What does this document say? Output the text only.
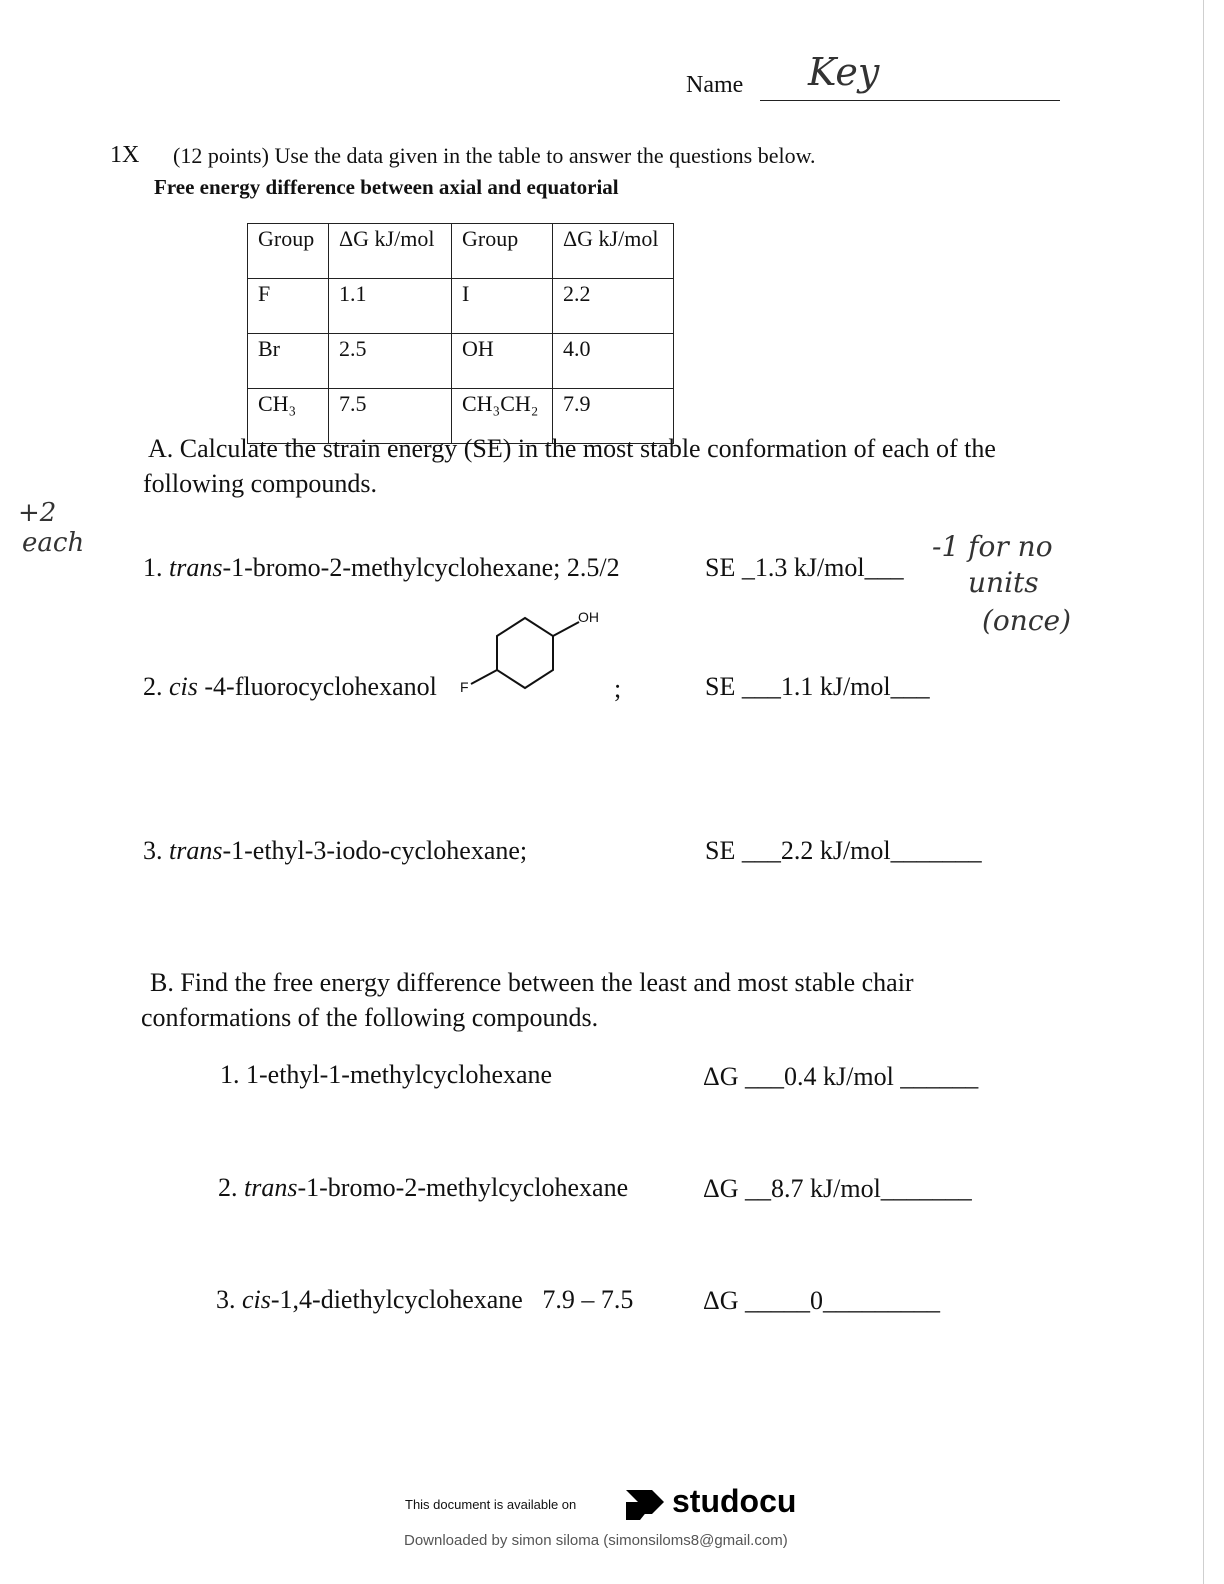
Name Key
1X (12 points) Use the data given in the table to answer the questions below.
Free energy difference between axial and equatorial
Group	ΔG kJ/mol	Group	ΔG kJ/mol
F	1.1	I	2.2
Br	2.5	OH	4.0
CH₃	7.5	CH₃CH₂	7.9
A. Calculate the strain energy (SE) in the most stable conformation of each of the
following compounds.
+2
each
1. trans-1-bromo-2-methylcyclohexane; 2.5/2	SE _1.3 kJ/mol___
-1 for no
units
(once)
2. cis -4-fluorocyclohexanol
OH
F	;	SE ___1.1 kJ/mol___
3. trans-1-ethyl-3-iodo-cyclohexane;	SE ___2.2 kJ/mol_______
B. Find the free energy difference between the least and most stable chair
conformations of the following compounds.
1. 1-ethyl-1-methylcyclohexane	ΔG ___0.4 kJ/mol ______
2. trans-1-bromo-2-methylcyclohexane	ΔG __8.7 kJ/mol_______
3. cis-1,4-diethylcyclohexane   7.9 – 7.5	ΔG _____0_________
This document is available on	studocu
Downloaded by simon siloma (simonsiloms8@gmail.com)
